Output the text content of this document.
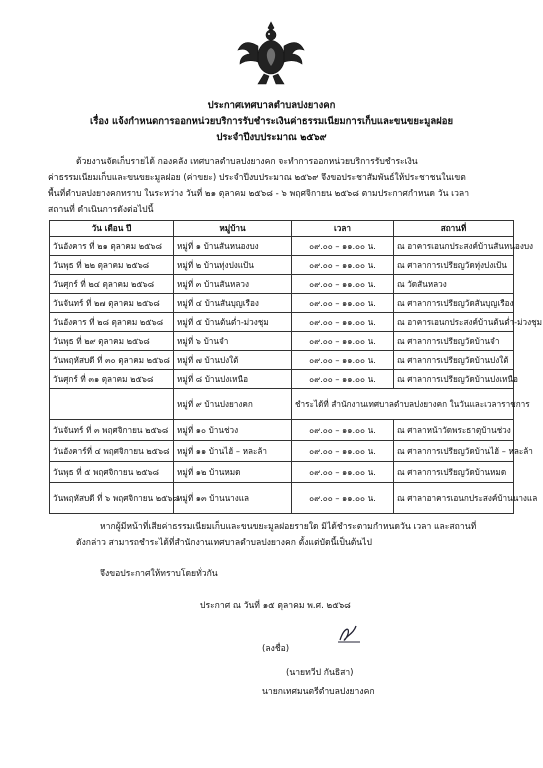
ประกาศเทศบาลตำบลปงยางคก
เรื่อง แจ้งกำหนดการออกหน่วยบริการรับชำระเงินค่าธรรมเนียมการเก็บและขนขยะมูลฝอย
ประจำปีงบประมาณ ๒๕๖๙
ด้วยงานจัดเก็บรายได้ กองคลัง เทศบาลตำบลปงยางคก จะทำการออกหน่วยบริการรับชำระเงิน
ค่าธรรมเนียมเก็บและขนขยะมูลฝอย (ค่าขยะ) ประจำปีงบประมาณ ๒๕๖๙ จึงขอประชาสัมพันธ์ให้ประชาชนในเขต
พื้นที่ตำบลปงยางคกทราบ ในระหว่าง วันที่ ๒๑ ตุลาคม ๒๕๖๘ - ๖ พฤศจิกายน ๒๕๖๘ ตามประกาศกำหนด วัน เวลา
สถานที่ ดำเนินการดังต่อไปนี้
วัน เดือน ปี	หมู่บ้าน	เวลา	สถานที่
วันอังคาร ที่ ๒๑ ตุลาคม ๒๕๖๘	หมู่ที่ ๑ บ้านสันหนองบง	๐๙.๐๐ – ๑๑.๐๐ น.	ณ อาคารเอนกประสงค์บ้านสันหนองบง
วันพุธ ที่ ๒๒ ตุลาคม ๒๕๖๘	หมู่ที่ ๒ บ้านทุ่งปงแป้น	๐๙.๐๐ – ๑๑.๐๐ น.	ณ ศาลาการเปรียญวัดทุ่งปงเป้น
วันศุกร์ ที่ ๒๔ ตุลาคม ๒๕๖๘	หมู่ที่ ๓ บ้านสันหลวง	๐๙.๐๐ – ๑๑.๐๐ น.	ณ วัดสันหลวง
วันจันทร์ ที่ ๒๗ ตุลาคม ๒๕๖๘	หมู่ที่ ๔ บ้านสันบุญเรือง	๐๙.๐๐ – ๑๑.๐๐ น.	ณ ศาลาการเปรียญวัดสันบุญเรือง
วันอังคาร ที่ ๒๘ ตุลาคม ๒๕๖๘	หมู่ที่ ๕ บ้านต้นต่ำ-ม่วงชุม	๐๙.๐๐ – ๑๑.๐๐ น.	ณ อาคารเอนกประสงค์บ้านต้นต่ำ-ม่วงชุม
วันพุธ ที่ ๒๙ ตุลาคม ๒๕๖๘	หมู่ที่ ๖ บ้านจำ	๐๙.๐๐ – ๑๑.๐๐ น.	ณ ศาลาการเปรียญวัดบ้านจำ
วันพฤหัสบดี ที่ ๓๐ ตุลาคม ๒๕๖๘	หมู่ที่ ๗ บ้านปงใต้	๐๙.๐๐ – ๑๑.๐๐ น.	ณ ศาลาการเปรียญวัดบ้านปงใต้
วันศุกร์ ที่ ๓๑ ตุลาคม ๒๕๖๘	หมู่ที่ ๘ บ้านปงเหนือ	๐๙.๐๐ – ๑๑.๐๐ น.	ณ ศาลาการเปรียญวัดบ้านปงเหนือ
	หมู่ที่ ๙ บ้านปงยางคก	ชำระได้ที่ สำนักงานเทศบาลตำบลปงยางคก ในวันและเวลาราชการ	
วันจันทร์ ที่ ๓ พฤศจิกายน ๒๕๖๘	หมู่ที่ ๑๐ บ้านช่วง	๐๙.๐๐ – ๑๑.๐๐ น.	ณ ศาลาหน้าวัดพระธาตุบ้านช่วง
วันอังคาร์ที่ ๔ พฤศจิกายน ๒๕๖๘	หมู่ที่ ๑๑ บ้านไฮ้ – หละล้า	๐๙.๐๐ – ๑๑.๐๐ น.	ณ ศาลาการเปรียญวัดบ้านไฮ้ – หละล้า
วันพุธ ที่ ๕ พฤศจิกายน ๒๕๖๘	หมู่ที่ ๑๒ บ้านหมด	๐๙.๐๐ – ๑๑.๐๐ น.	ณ ศาลาการเปรียญวัดบ้านหมด
วันพฤหัสบดี ที่ ๖ พฤศจิกายน ๒๕๖๘	หมู่ที่ ๑๓ บ้านนางแล	๐๙.๐๐ – ๑๑.๐๐ น.	ณ ศาลาอาคารเอนกประสงค์บ้านนางแล
หากผู้มีหน้าที่เสียค่าธรรมเนียมเก็บและขนขยะมูลฝอยรายใด มิได้ชำระตามกำหนดวัน เวลา และสถานที่
ดังกล่าว สามารถชำระได้ที่สำนักงานเทศบาลตำบลปงยางคก ตั้งแต่บัดนี้เป็นต้นไป
จึงขอประกาศให้ทราบโดยทั่วกัน
ประกาศ ณ วันที่ ๑๕ ตุลาคม พ.ศ. ๒๕๖๘
(ลงชื่อ)
(นายทวีป กันธิสา)
นายกเทศมนตรีตำบลปงยางคก
